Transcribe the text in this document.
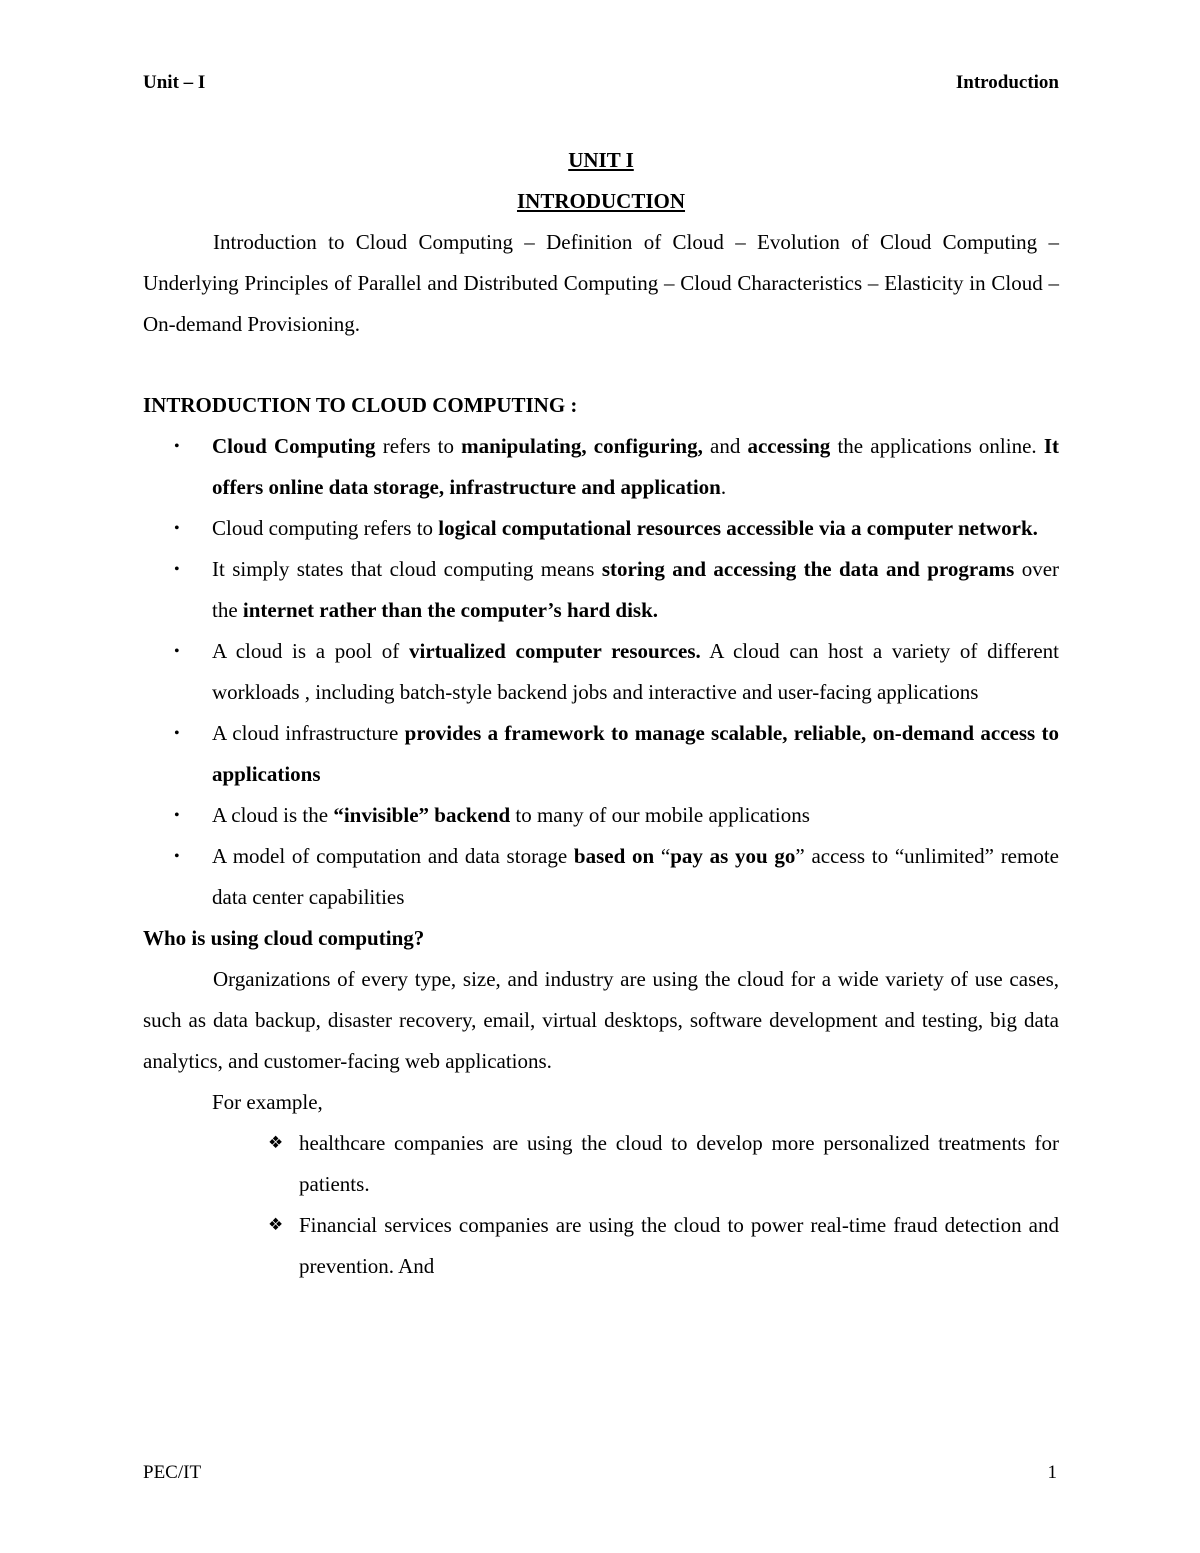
Unit – I	Introduction
UNIT I
INTRODUCTION

Introduction to Cloud Computing – Definition of Cloud – Evolution of Cloud Computing – Underlying Principles of Parallel and Distributed Computing – Cloud Characteristics – Elasticity in Cloud – On-demand Provisioning.

INTRODUCTION TO CLOUD COMPUTING :

• Cloud Computing refers to manipulating, configuring, and accessing the applications online. It offers online data storage, infrastructure and application.
• Cloud computing refers to logical computational resources accessible via a computer network.
• It simply states that cloud computing means storing and accessing the data and programs over the internet rather than the computer’s hard disk.
• A cloud is a pool of virtualized computer resources. A cloud can host a variety of different workloads , including batch-style backend jobs and interactive and user-facing applications
• A cloud infrastructure provides a framework to manage scalable, reliable, on-demand access to applications
• A cloud is the “invisible” backend to many of our mobile applications
• A model of computation and data storage based on “pay as you go” access to “unlimited” remote data center capabilities

Who is using cloud computing?

Organizations of every type, size, and industry are using the cloud for a wide variety of use cases, such as data backup, disaster recovery, email, virtual desktops, software development and testing, big data analytics, and customer-facing web applications.

For example,

❖ healthcare companies are using the cloud to develop more personalized treatments for patients.
❖ Financial services companies are using the cloud to power real-time fraud detection and prevention. And
PEC/IT	1
